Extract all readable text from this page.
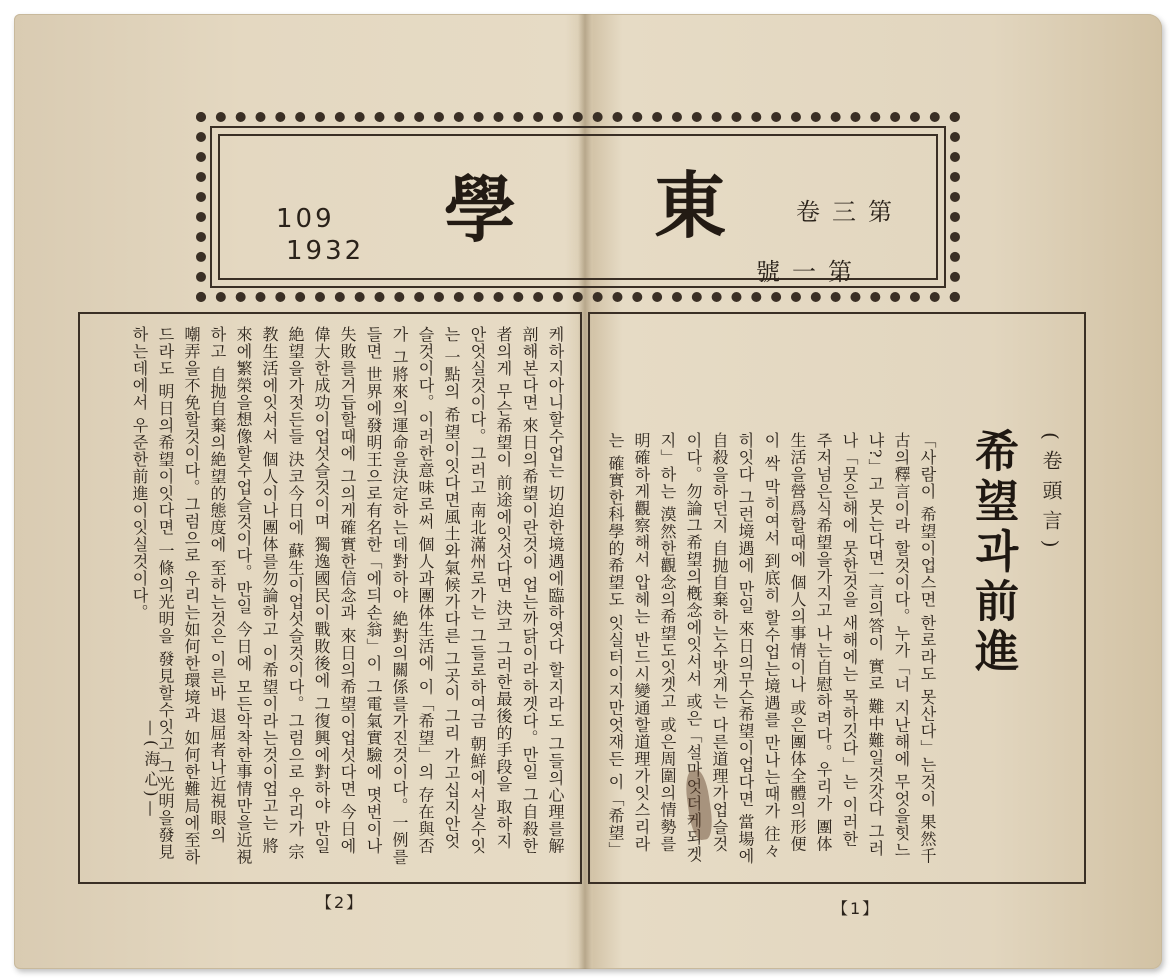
109
1932 學 東	第三卷
第一號
(卷頭言)
希望과前進
「사람이 希望이업스면 한로라도 못산다」는것이 果然千古의釋言이라 할것이다。누가「너 지난해에 무엇을힛느냐?」고 뭇는다면一言의答이 實로 難中難일것갓다 그러나「뭇은해에 뭇한것을 새해에는 목하깃다」는 이러한 주저넘은식希望을가지고 나는自慰하려다。우리가 團体生活을營爲할때에 個人의事情이나 或은團体全體의形便이 싹 막히여서 到底히 할수업는境遇를 만나는때가 往々히잇다 그런境遇에 만일 來日의무슨希望이업다면 當場에 自殺을하던지 自抛自棄하는수밧게는 다른道理가업슬것이다。勿論그希望의槪念에잇서서 或은「설마엇더케되겟지」하는 漠然한觀念의希望도잇겟고 或은周圍의情勢를 明確하게觀察해서 압헤는 반드시變通할道理가잇스리라는 確實한科學的希望도 잇실터이지만엇재든 이「希望」
케하지아니할수업는 切迫한境遇에臨하엿다 할지라도 그들의心理를解剖해본다면 來日의希望이란것이 업는까닭이라하겟다。만일 그自殺한者의게 무슨希望이 前途에잇섯다면 決코 그러한最後的手段을 取하지안엇실것이다。그러고 南北滿州로가는 그들로하여금 朝鮮에서살수잇는 一點의 希望이잇다면風土와氣候가다른 그곳이 그리 가고십지안엇슬것이다。이러한意味로써 個人과團体生活에 이「希望」의 存在與否가 그將來의運命을決定하는데對하야 絶對의關係를가진것이다。一例를들면 世界에發明王으로有名한「에듸손翁」이 그電氣實驗에 몃번이나失敗를거듭할때에 그의게確實한信念과 來日의希望이업섯다면 今日에 偉大한成功이업섯슬것이며 獨逸國民이戰敗後에 그復興에對하야 만일 絶望을가젓든들 決코今日에 蘇生이업섯슬것이다。그럼으로 우리가 宗教生活에잇서서 個人이나團体를勿論하고 이希望이라는것이업고는 將來에繁榮을想像할수업슬것이다。만일 今日에 모든악착한事情만을近視하고 自抛自棄의絶望的態度에 至하는것은 이른바 退屈者나近視眼의 嘲弄을不免할것이다。그럼으로 우리는如何한環境과 如何한難局에至하드라도 明日의希望이잇다면 一條의光明을 發見할수잇고 그光明을發見하는데에서 우준한前進이잇실것이다。
—(海心)—
【2】	【1】
